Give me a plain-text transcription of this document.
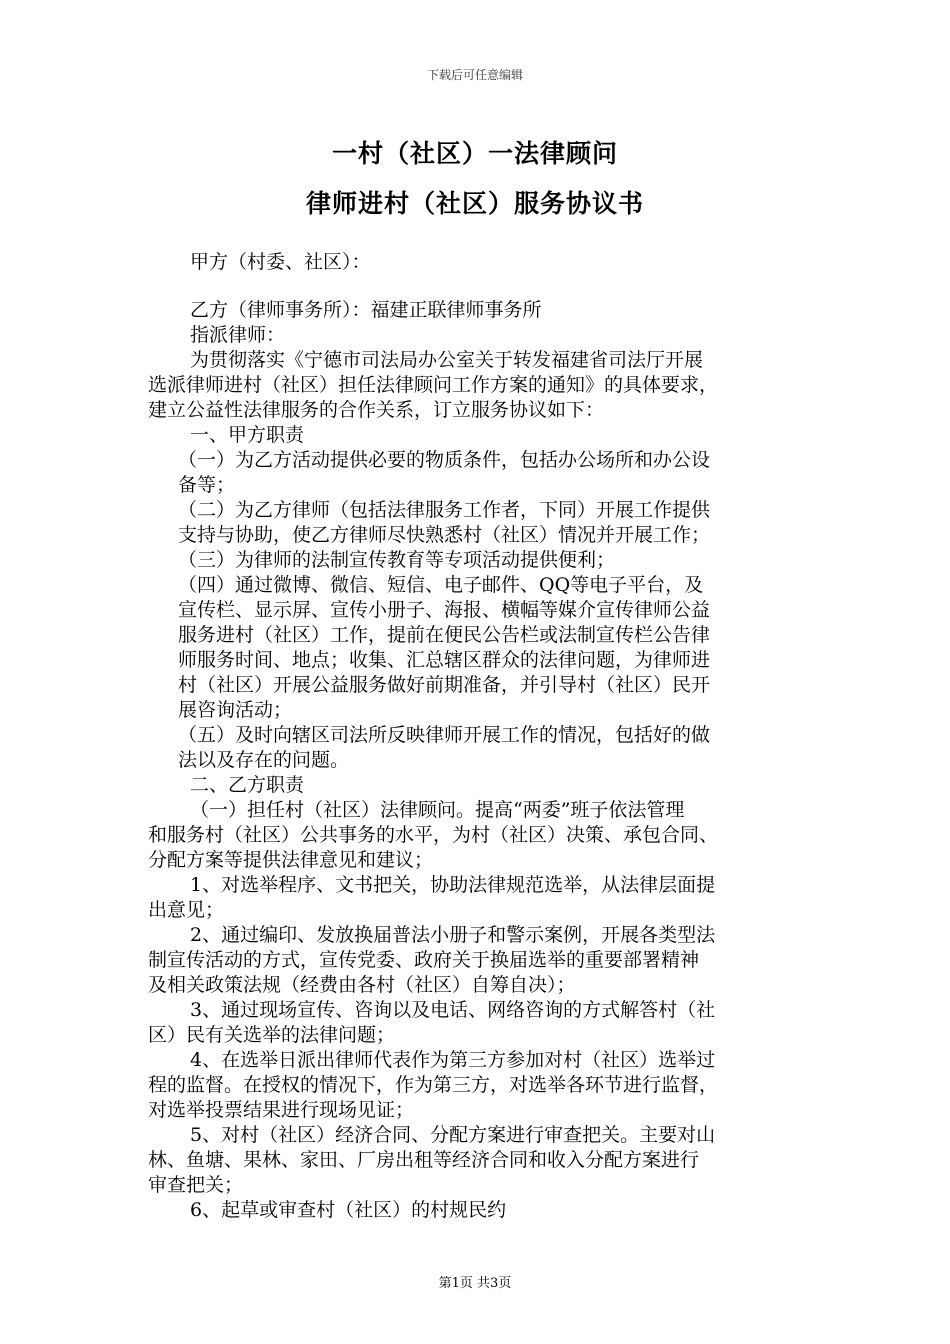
下载后可任意编辑
一村（社区）一法律顾问
律师进村（社区）服务协议书
甲方（村委、社区）：
乙方（律师事务所）：福建正联律师事务所
指派律师：
为贯彻落实《宁德市司法局办公室关于转发福建省司法厅开展
选派律师进村（社区）担任法律顾问工作方案的通知》的具体要求，
建立公益性法律服务的合作关系，订立服务协议如下：
一、甲方职责
（一）为乙方活动提供必要的物质条件，包括办公场所和办公设
备等；
（二）为乙方律师（包括法律服务工作者，下同）开展工作提供
支持与协助，使乙方律师尽快熟悉村（社区）情况并开展工作；
（三）为律师的法制宣传教育等专项活动提供便利；
（四）通过微博、微信、短信、电子邮件、QQ等电子平台，及
宣传栏、显示屏、宣传小册子、海报、横幅等媒介宣传律师公益
服务进村（社区）工作，提前在便民公告栏或法制宣传栏公告律
师服务时间、地点；收集、汇总辖区群众的法律问题，为律师进
村（社区）开展公益服务做好前期准备，并引导村（社区）民开
展咨询活动；
（五）及时向辖区司法所反映律师开展工作的情况，包括好的做
法以及存在的问题。
二、乙方职责
（一）担任村（社区）法律顾问。提高“两委”班子依法管理
和服务村（社区）公共事务的水平，为村（社区）决策、承包合同、
分配方案等提供法律意见和建议；
1、对选举程序、文书把关，协助法律规范选举，从法律层面提
出意见；
2、通过编印、发放换届普法小册子和警示案例，开展各类型法
制宣传活动的方式，宣传党委、政府关于换届选举的重要部署精神
及相关政策法规（经费由各村（社区）自筹自决）；
3、通过现场宣传、咨询以及电话、网络咨询的方式解答村（社
区）民有关选举的法律问题；
4、在选举日派出律师代表作为第三方参加对村（社区）选举过
程的监督。在授权的情况下，作为第三方，对选举各环节进行监督，
对选举投票结果进行现场见证；
5、对村（社区）经济合同、分配方案进行审查把关。主要对山
林、鱼塘、果林、家田、厂房出租等经济合同和收入分配方案进行
审查把关；
6、起草或审查村（社区）的村规民约
第1页 共3页
